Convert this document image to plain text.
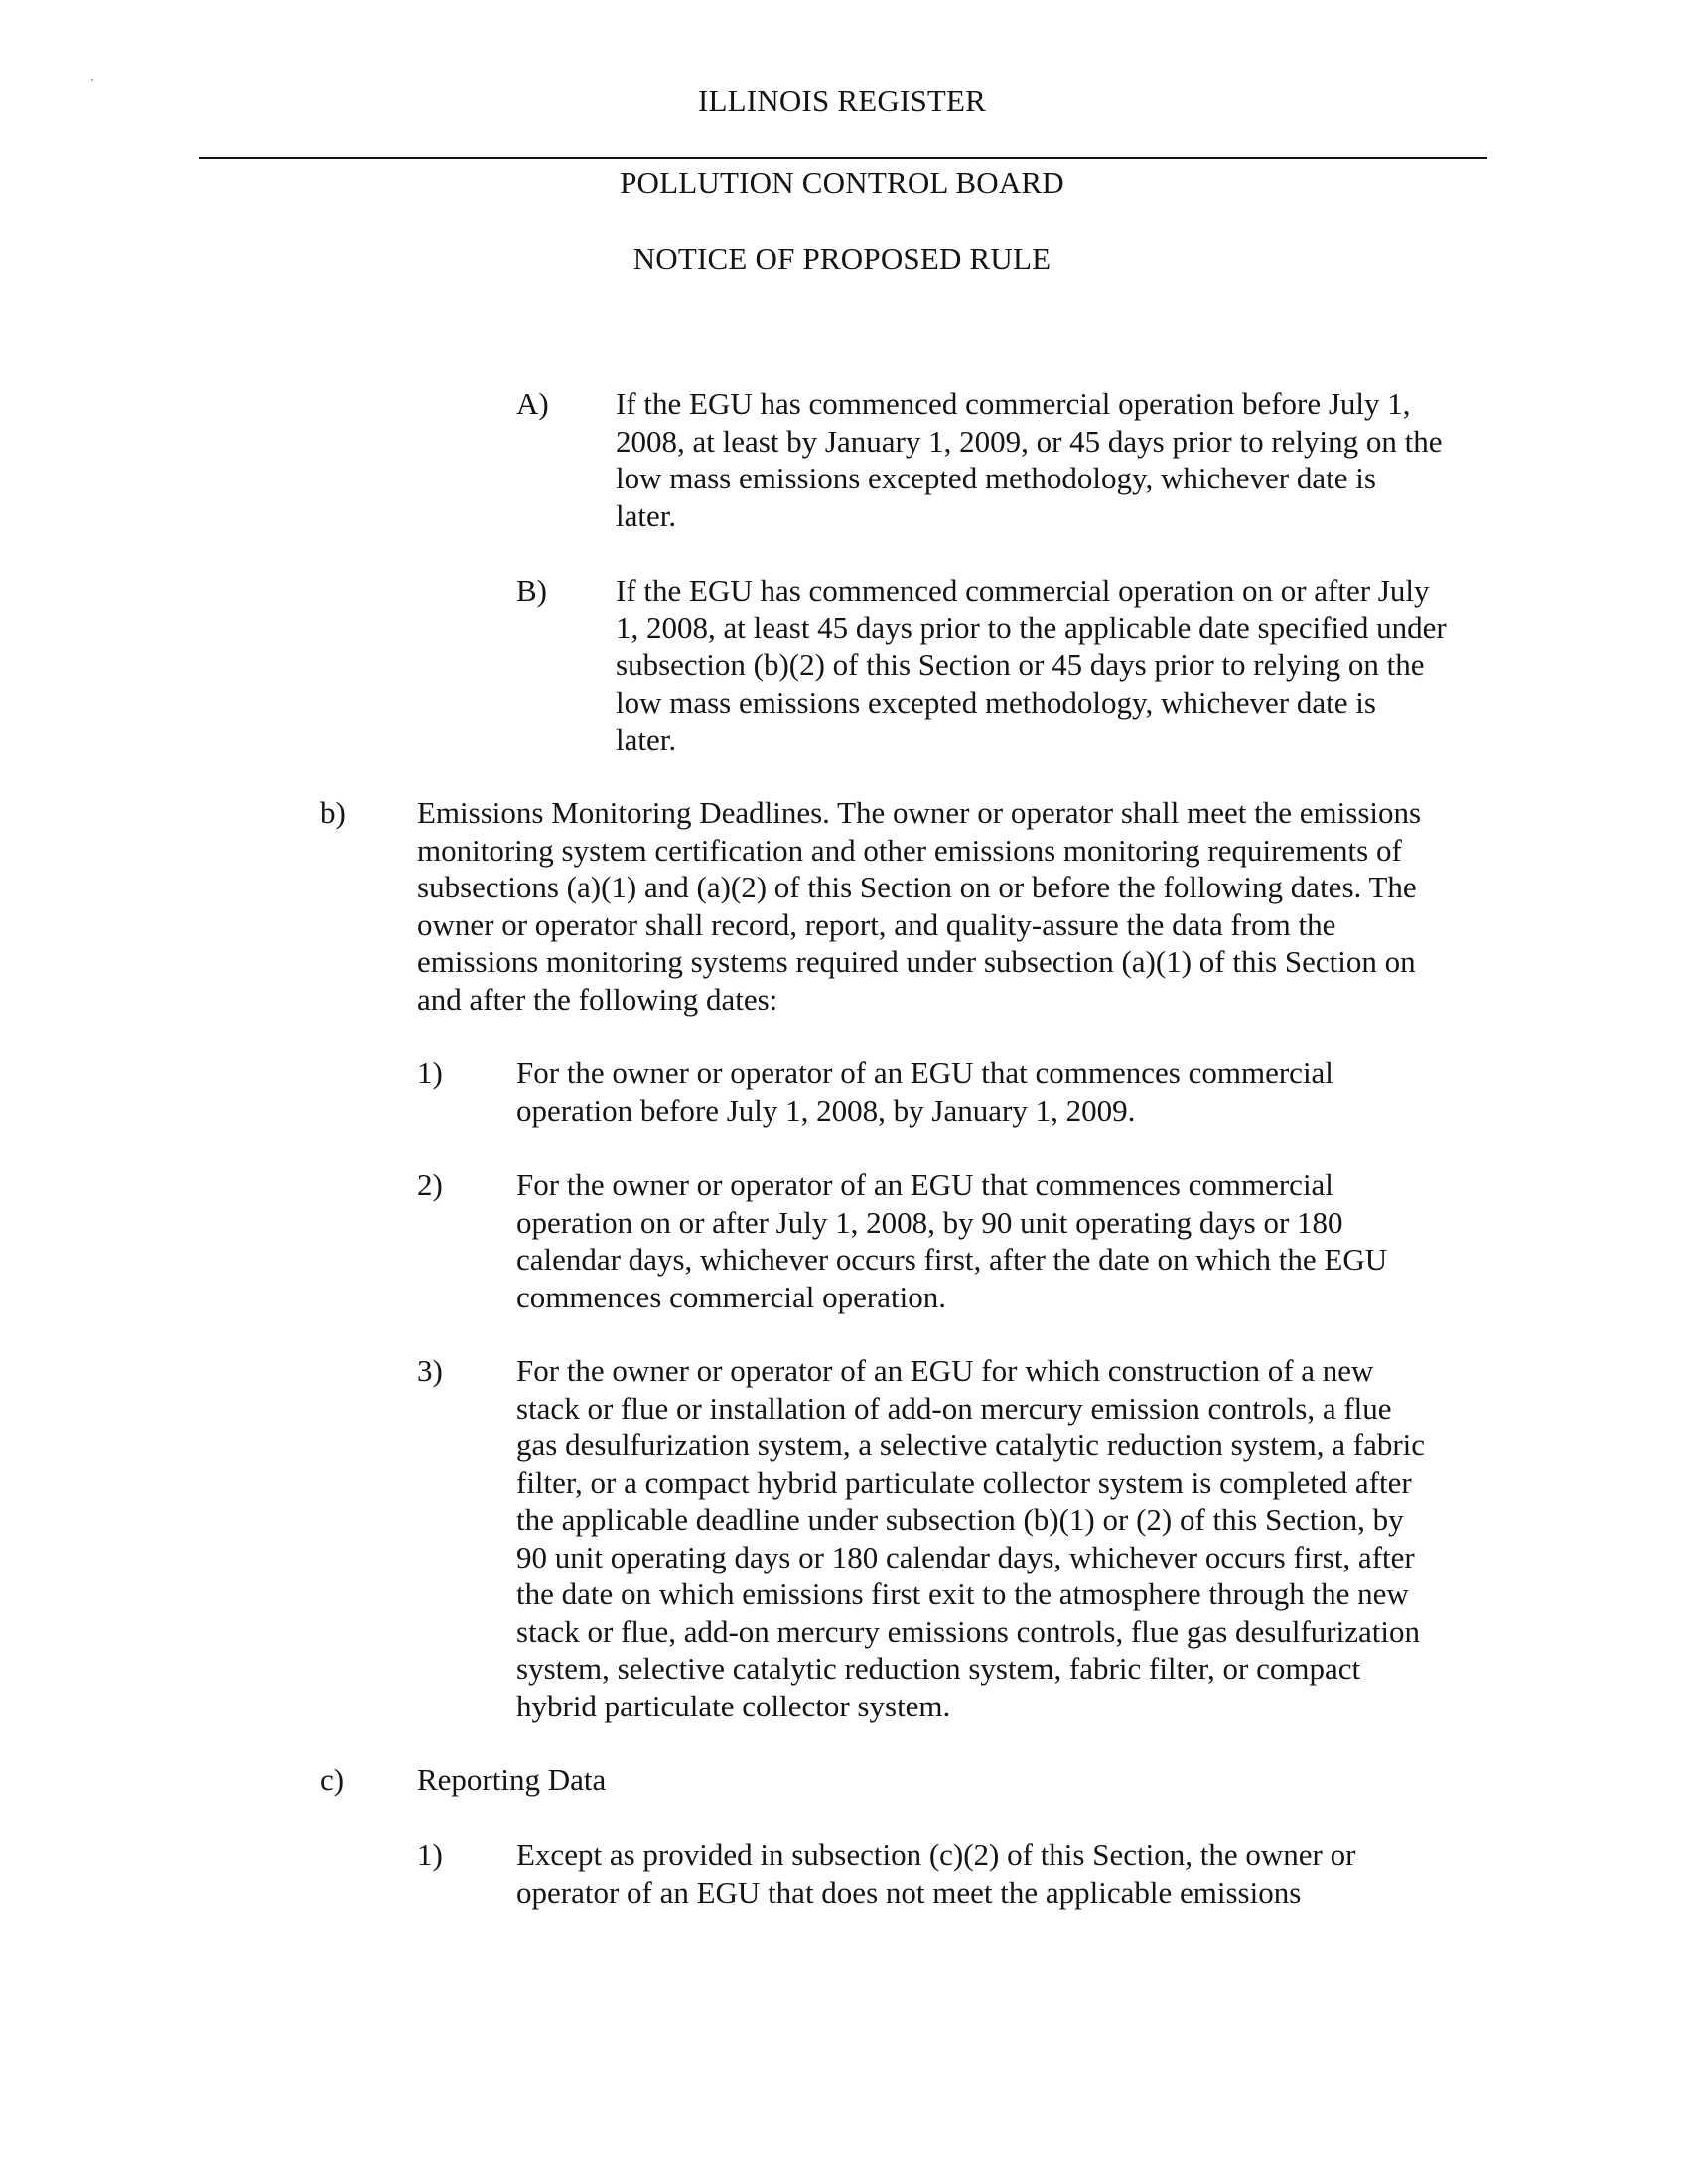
ILLINOIS REGISTER
POLLUTION CONTROL BOARD
NOTICE OF PROPOSED RULE
A) If the EGU has commenced commercial operation before July 1,
2008, at least by January 1, 2009, or 45 days prior to relying on the
low mass emissions excepted methodology, whichever date is
later.
B) If the EGU has commenced commercial operation on or after July
1, 2008, at least 45 days prior to the applicable date specified under
subsection (b)(2) of this Section or 45 days prior to relying on the
low mass emissions excepted methodology, whichever date is
later.
b) Emissions Monitoring Deadlines. The owner or operator shall meet the emissions
monitoring system certification and other emissions monitoring requirements of
subsections (a)(1) and (a)(2) of this Section on or before the following dates. The
owner or operator shall record, report, and quality-assure the data from the
emissions monitoring systems required under subsection (a)(1) of this Section on
and after the following dates:
1) For the owner or operator of an EGU that commences commercial
operation before July 1, 2008, by January 1, 2009.
2) For the owner or operator of an EGU that commences commercial
operation on or after July 1, 2008, by 90 unit operating days or 180
calendar days, whichever occurs first, after the date on which the EGU
commences commercial operation.
3) For the owner or operator of an EGU for which construction of a new
stack or flue or installation of add-on mercury emission controls, a flue
gas desulfurization system, a selective catalytic reduction system, a fabric
filter, or a compact hybrid particulate collector system is completed after
the applicable deadline under subsection (b)(1) or (2) of this Section, by
90 unit operating days or 180 calendar days, whichever occurs first, after
the date on which emissions first exit to the atmosphere through the new
stack or flue, add-on mercury emissions controls, flue gas desulfurization
system, selective catalytic reduction system, fabric filter, or compact
hybrid particulate collector system.
c) Reporting Data
1) Except as provided in subsection (c)(2) of this Section, the owner or
operator of an EGU that does not meet the applicable emissions
